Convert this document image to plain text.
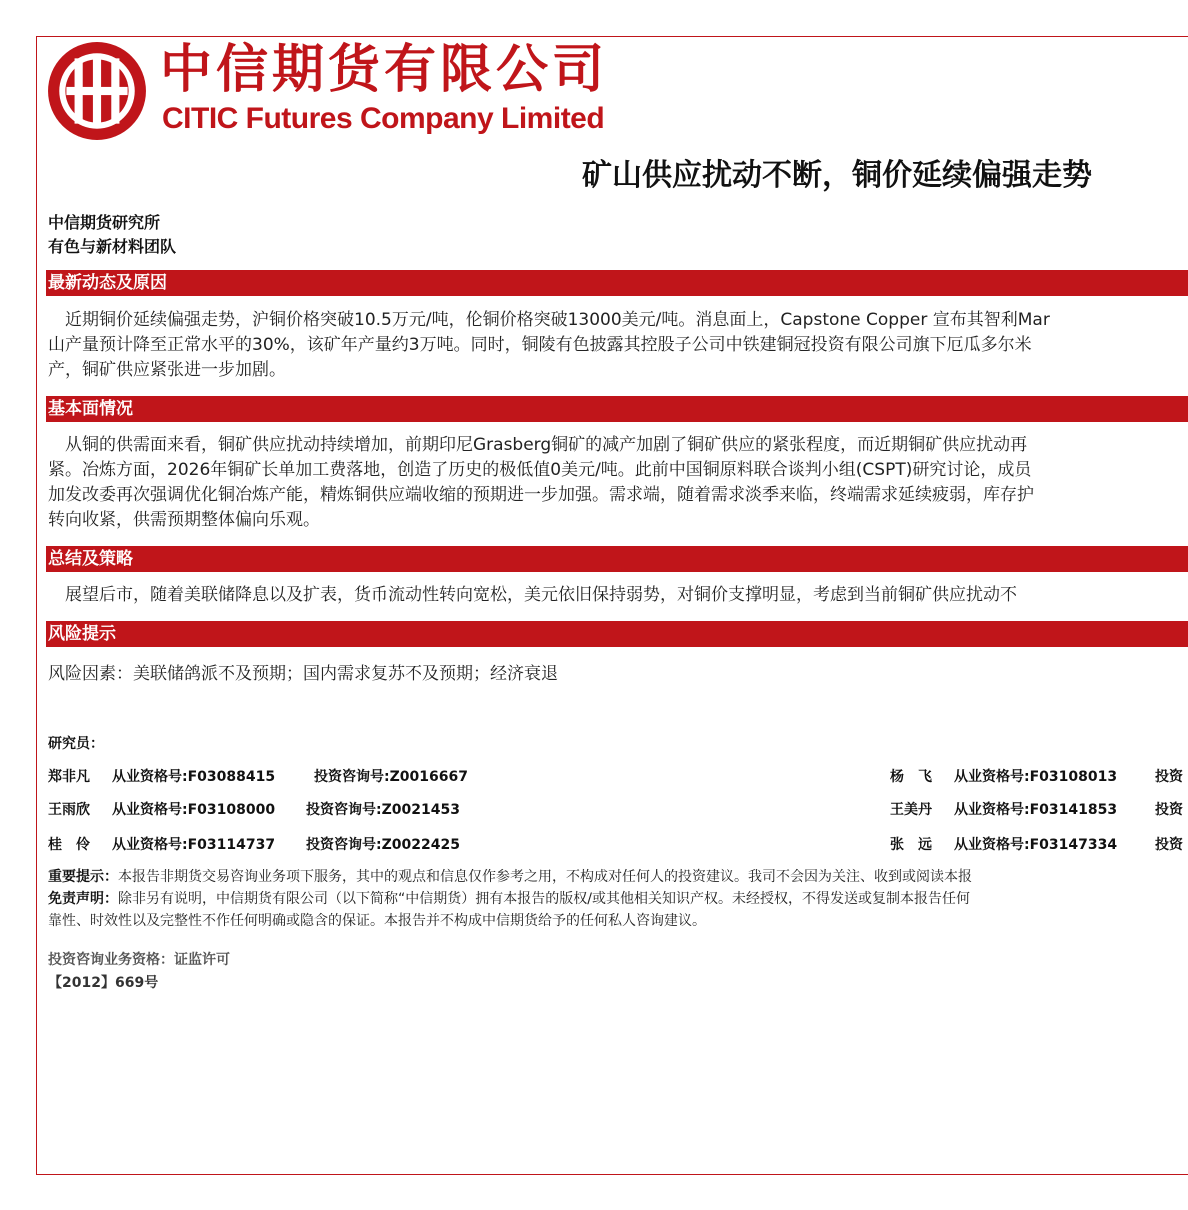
中信期货有限公司
CITIC Futures Company Limited
矿山供应扰动不断，铜价延续偏强走势
中信期货研究所
有色与新材料团队
最新动态及原因
　近期铜价延续偏强走势，沪铜价格突破10.5万元/吨，伦铜价格突破13000美元/吨。消息面上，Capstone Copper 宣布其智利Mar
山产量预计降至正常水平的30%，该矿年产量约3万吨。同时，铜陵有色披露其控股子公司中铁建铜冠投资有限公司旗下厄瓜多尔米
产，铜矿供应紧张进一步加剧。
基本面情况
　从铜的供需面来看，铜矿供应扰动持续增加，前期印尼Grasberg铜矿的减产加剧了铜矿供应的紧张程度，而近期铜矿供应扰动再
紧。冶炼方面，2026年铜矿长单加工费落地，创造了历史的极低值0美元/吨。此前中国铜原料联合谈判小组(CSPT)研究讨论，成员
加发改委再次强调优化铜冶炼产能，精炼铜供应端收缩的预期进一步加强。需求端，随着需求淡季来临，终端需求延续疲弱，库存护
转向收紧，供需预期整体偏向乐观。
总结及策略
　展望后市，随着美联储降息以及扩表，货币流动性转向宽松，美元依旧保持弱势，对铜价支撑明显，考虑到当前铜矿供应扰动不
风险提示
风险因素：美联储鸽派不及预期；国内需求复苏不及预期；经济衰退
研究员：
郑非凡 从业资格号:F03088415	投资咨询号:Z0016667	杨　飞 从业资格号:F03108013	投资
王雨欣 从业资格号:F03108000 投资咨询号:Z0021453	王美丹 从业资格号:F03141853	投资
桂　伶 从业资格号:F03114737 投资咨询号:Z0022425	张　远 从业资格号:F03147334	投资
重要提示：本报告非期货交易咨询业务项下服务，其中的观点和信息仅作参考之用，不构成对任何人的投资建议。我司不会因为关注、收到或阅读本报
免责声明：除非另有说明，中信期货有限公司（以下简称“中信期货）拥有本报告的版权/或其他相关知识产权。未经授权，不得发送或复制本报告任何
靠性、时效性以及完整性不作任何明确或隐含的保证。本报告并不构成中信期货给予的任何私人咨询建议。
投资咨询业务资格：证监许可
【2012】669号
